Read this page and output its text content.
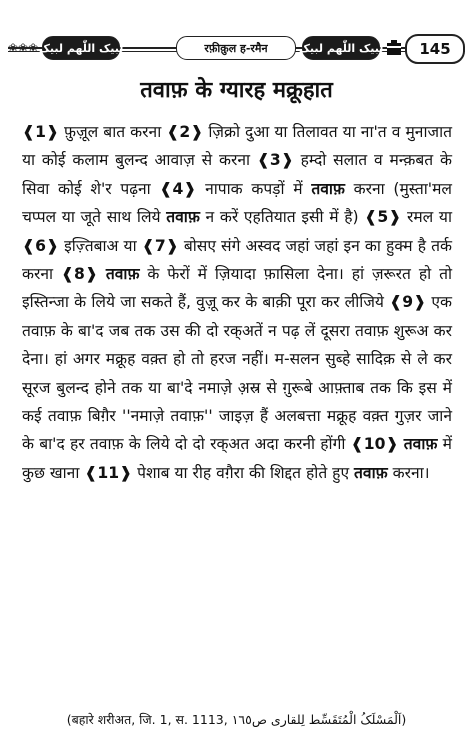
❀❀❀ لبیک اللّٰھم لبیک	रफ़ीक़ुल ह-रमैन	لبیک اللّٰھم لبیک	145
तवाफ़ के ग्यारह मक्रूहात

❰1❱ फ़ुज़ूल बात करना ❰2❱ ज़िक्रो दुआ या तिलावत या ना'त व मुनाजात या कोई कलाम बुलन्द आवाज़ से करना ❰3❱ हम्दो सलात व मन्क़बत के सिवा कोई शे'र पढ़ना ❰4❱ नापाक कपड़ों में तवाफ़ करना (मुस्ता'मल चप्पल या जूते साथ लिये तवाफ़ न करें एहतियात इसी में है) ❰5❱ रमल या ❰6❱ इज़्तिबाअ या ❰7❱ बोसए संगे अस्वद जहां जहां इन का हुक्म है तर्क करना ❰8❱ तवाफ़ के फेरों में ज़ियादा फ़ासिला देना। हां ज़रूरत हो तो इस्तिन्जा के लिये जा सकते हैं, वुज़ू कर के बाक़ी पूरा कर लीजिये ❰9❱ एक तवाफ़ के बा'द जब तक उस की दो रक्अतें न पढ़ लें दूसरा तवाफ़ शुरूअ कर देना। हां अगर मक्रूह वक़्त हो तो हरज नहीं। म-सलन सुब्हे सादिक़ से ले कर सूरज बुलन्द होने तक या बा'दे नमाज़े अ़स्र से ग़ुरूबे आफ़्ताब तक कि इस में कई तवाफ़ बिग़ैर ''नमाज़े तवाफ़'' जाइज़ हैं अलबत्ता मक्रूह वक़्त गुज़र जाने के बा'द हर तवाफ़ के लिये दो दो रक्अत अदा करनी होंगी ❰10❱ तवाफ़ में कुछ खाना ❰11❱ पेशाब या रीह वग़ैरा की शिद्दत होते हुए तवाफ़ करना।

(बहारे शरीअत, जि. 1, स. 1113, اَلْمَسْلَکُ الْمُتَقَسِّط لِلقاری ص۱٦٥)
